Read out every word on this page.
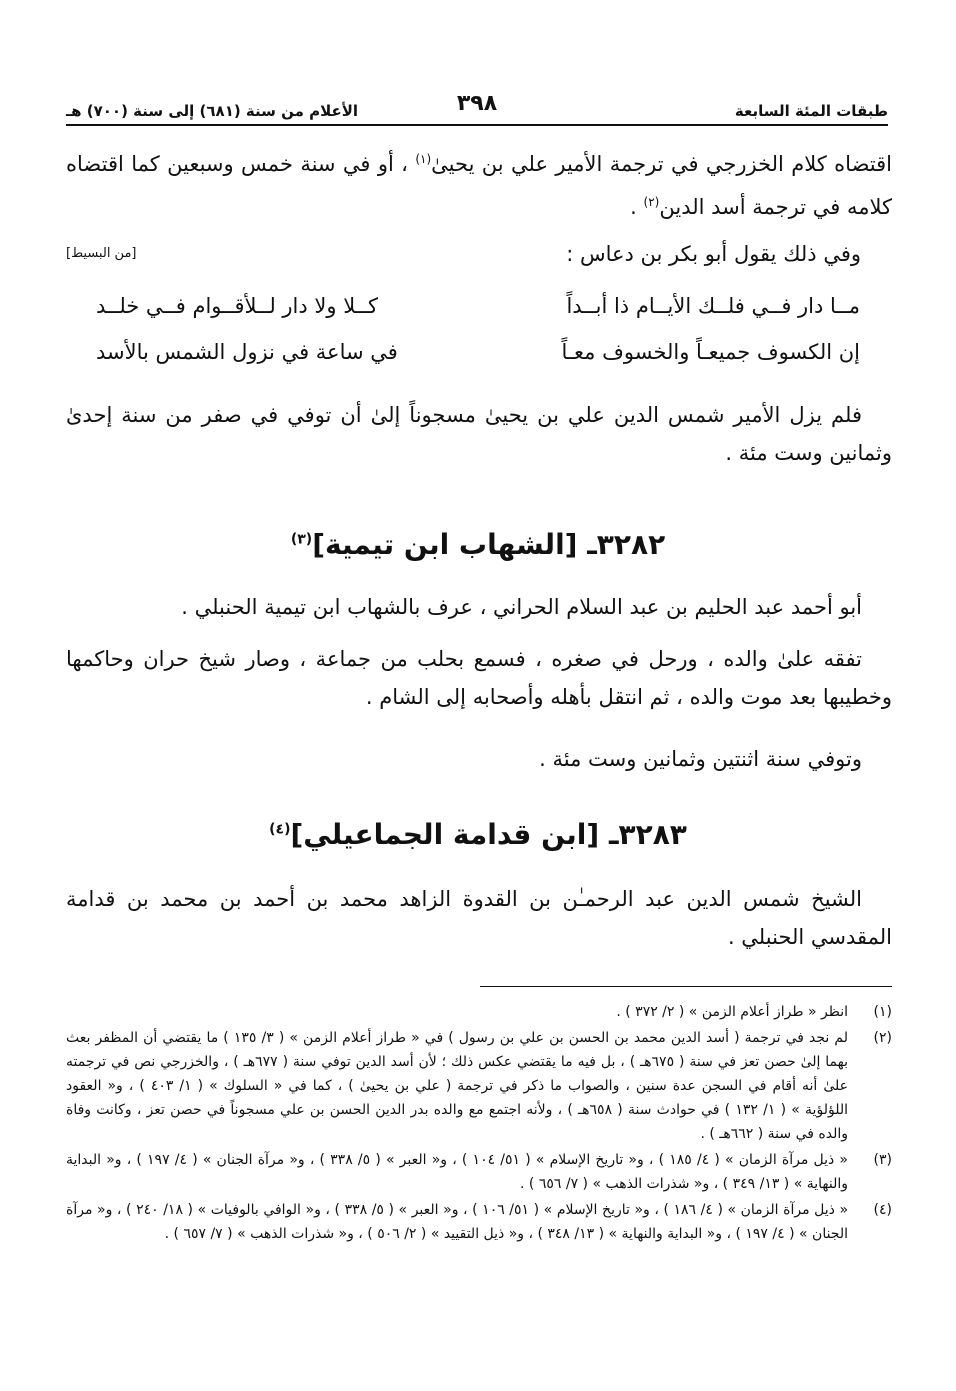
طبقات المئة السابعة
٣٩٨
الأعلام من سنة (٦٨١) إلى سنة (٧٠٠) هـ
اقتضاه كلام الخزرجي في ترجمة الأمير علي بن يحيىٰ$^{(١)}$ ، أو في سنة خمس وسبعين كما اقتضاه كلامه في ترجمة أسد الدين$^{(٢)}$ .
وفي ذلك يقول أبو بكر بن دعاس :
[من البسيط]
مــا دار فــي فلــك الأيــام ذا أبــداً
كــلا ولا دار لــلأقــوام فــي خلــد
إن الكسوف جميعـاً والخسوف معـاً
في ساعة في نزول الشمس بالأسد
فلم يزل الأمير شمس الدين علي بن يحيىٰ مسجوناً إلىٰ أن توفي في صفر من سنة إحدىٰ وثمانين وست مئة .
٣٢٨٢ـ [الشهاب ابن تيمية]$^{(٣)}$
أبو أحمد عبد الحليم بن عبد السلام الحراني ، عرف بالشهاب ابن تيمية الحنبلي .
تفقه علىٰ والده ، ورحل في صغره ، فسمع بحلب من جماعة ، وصار شيخ حران وحاكمها وخطيبها بعد موت والده ، ثم انتقل بأهله وأصحابه إلى الشام .
وتوفي سنة اثنتين وثمانين وست مئة .
٣٢٨٣ـ [ابن قدامة الجماعيلي]$^{(٤)}$
الشيخ شمس الدين عبد الرحمـٰن بن القدوة الزاهد محمد بن أحمد بن محمد بن قدامة المقدسي الحنبلي .
(١)
انظر « طراز أعلام الزمن » ( ٢/ ٣٧٢ ) .
(٢)
لم نجد في ترجمة ( أسد الدين محمد بن الحسن بن علي بن رسول ) في « طراز أعلام الزمن » ( ٣/ ١٣٥ ) ما يقتضي أن المظفر بعث بهما إلىٰ حصن تعز في سنة ( ٦٧٥هـ ) ، بل فيه ما يقتضي عكس ذلك ؛ لأن أسد الدين توفي سنة ( ٦٧٧هـ ) ، والخزرجي نص في ترجمته علىٰ أنه أقام في السجن عدة سنين ، والصواب ما ذكر في ترجمة ( علي بن يحيىٰ ) ، كما في « السلوك » ( ١/ ٤٠٣ ) ، و« العقود اللؤلؤية » ( ١/ ١٣٢ ) في حوادث سنة ( ٦٥٨هـ ) ، ولأنه اجتمع مع والده بدر الدين الحسن بن علي مسجوناً في حصن تعز ، وكانت وفاة والده في سنة ( ٦٦٢هـ ) .
(٣)
« ذيل مرآة الزمان » ( ٤/ ١٨٥ ) ، و« تاريخ الإسلام » ( ٥١/ ١٠٤ ) ، و« العبر » ( ٥/ ٣٣٨ ) ، و« مرآة الجنان » ( ٤/ ١٩٧ ) ، و« البداية والنهاية » ( ١٣/ ٣٤٩ ) ، و« شذرات الذهب » ( ٧/ ٦٥٦ ) .
(٤)
« ذيل مرآة الزمان » ( ٤/ ١٨٦ ) ، و« تاريخ الإسلام » ( ٥١/ ١٠٦ ) ، و« العبر » ( ٥/ ٣٣٨ ) ، و« الوافي بالوفيات » ( ١٨/ ٢٤٠ ) ، و« مرآة الجنان » ( ٤/ ١٩٧ ) ، و« البداية والنهاية » ( ١٣/ ٣٤٨ ) ، و« ذيل التقييد » ( ٢/ ٥٠٦ ) ، و« شذرات الذهب » ( ٧/ ٦٥٧ ) .
